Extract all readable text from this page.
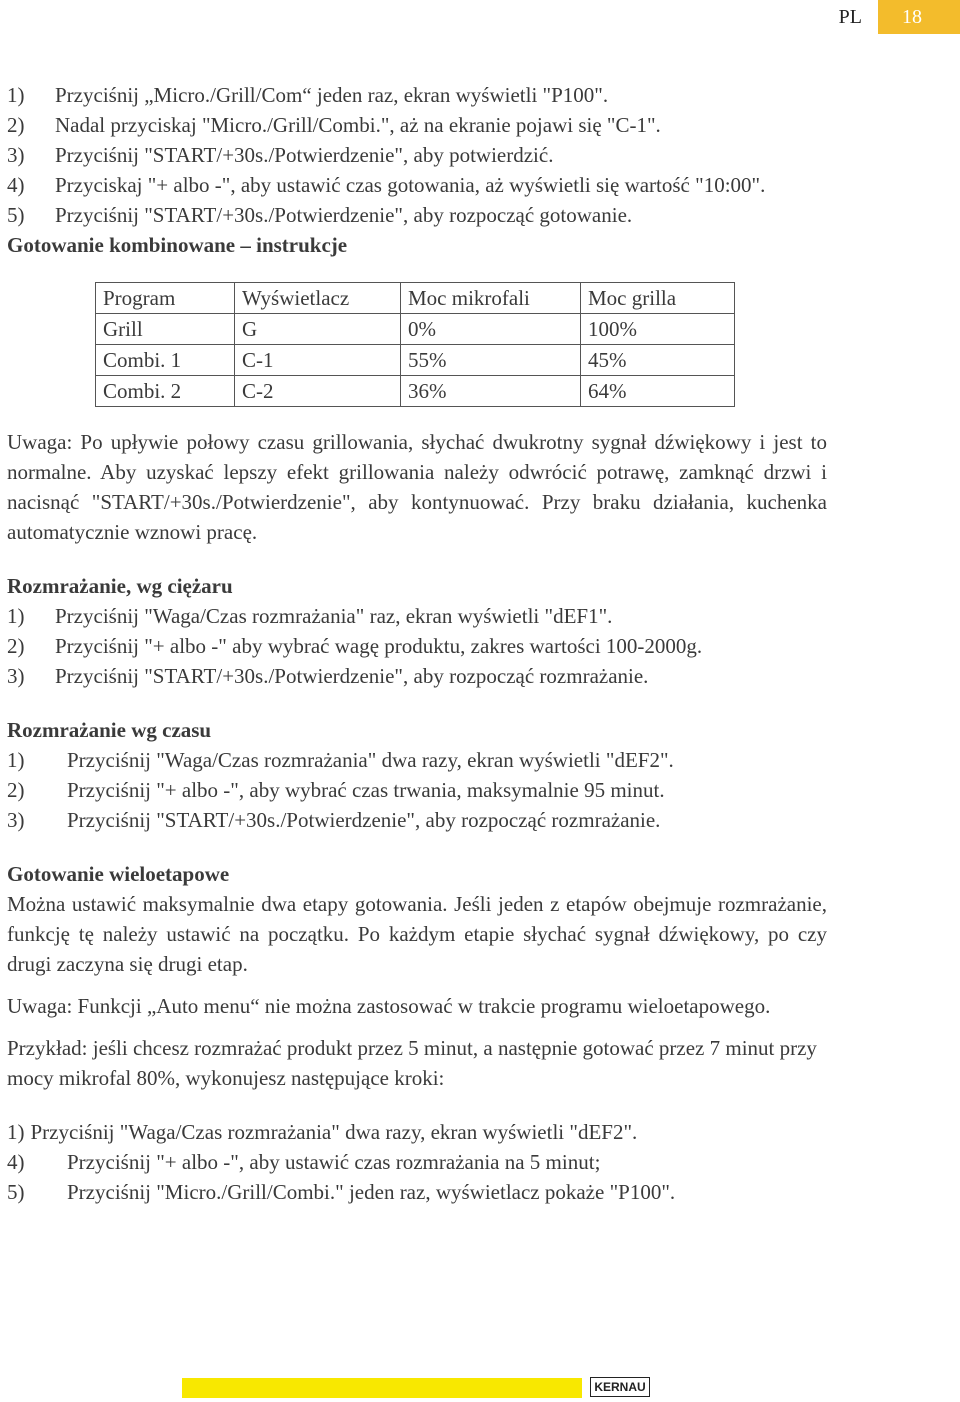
PL	18
1)	Przyciśnij „Micro./Grill/Com“ jeden raz, ekran wyświetli "P100".
2)	Nadal przyciskaj "Micro./Grill/Combi.", aż na ekranie pojawi się "C-1".
3)	Przyciśnij "START/+30s./Potwierdzenie", aby potwierdzić.
4)	Przyciskaj "+ albo -", aby ustawić czas gotowania, aż wyświetli się wartość "10:00".
5)	Przyciśnij "START/+30s./Potwierdzenie", aby rozpocząć gotowanie.

Gotowanie kombinowane – instrukcje

Program	Wyświetlacz	Moc mikrofali	Moc grilla
Grill	G	0%	100%
Combi. 1	C-1	55%	45%
Combi. 2	C-2	36%	64%

Uwaga: Po upływie połowy czasu grillowania, słychać dwukrotny sygnał dźwiękowy i jest to normalne. Aby uzyskać lepszy efekt grillowania należy odwrócić potrawę, zamknąć drzwi i nacisnąć "START/+30s./Potwierdzenie", aby kontynuować. Przy braku działania, kuchenka automatycznie wznowi pracę.

Rozmrażanie, wg ciężaru

1)	Przyciśnij "Waga/Czas rozmrażania" raz, ekran wyświetli "dEF1".
2)	Przyciśnij "+ albo -" aby wybrać wagę produktu, zakres wartości 100-2000g.
3)	Przyciśnij "START/+30s./Potwierdzenie", aby rozpocząć rozmrażanie.

Rozmrażanie wg czasu

1)	Przyciśnij "Waga/Czas rozmrażania" dwa razy, ekran wyświetli "dEF2".
2)	Przyciśnij "+ albo -", aby wybrać czas trwania, maksymalnie 95 minut.
3)	Przyciśnij "START/+30s./Potwierdzenie", aby rozpocząć rozmrażanie.

Gotowanie wieloetapowe

Można ustawić maksymalnie dwa etapy gotowania. Jeśli jeden z etapów obejmuje rozmrażanie, funkcję tę należy ustawić na początku. Po każdym etapie słychać sygnał dźwiękowy, po czy drugi zaczyna się drugi etap.

Uwaga: Funkcji „Auto menu“ nie można zastosować w trakcie programu wieloetapowego.

Przykład: jeśli chcesz rozmrażać produkt przez 5 minut, a następnie gotować przez 7 minut przy mocy mikrofal 80%, wykonujesz następujące kroki:

1) Przyciśnij "Waga/Czas rozmrażania" dwa razy, ekran wyświetli "dEF2".
4)	Przyciśnij "+ albo -", aby ustawić czas rozmrażania na 5 minut;
5)	Przyciśnij "Micro./Grill/Combi." jeden raz, wyświetlacz pokaże "P100".
KERNAU
